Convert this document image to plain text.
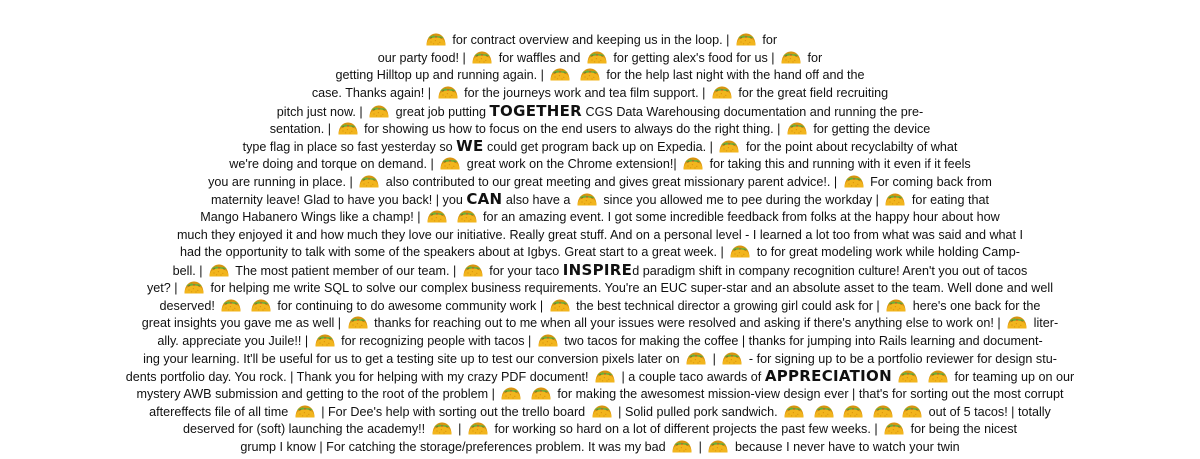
for contract overview and keeping us in the loop. |  for
our party food! |  for waffles and  for getting alex's food for us |  for
getting Hilltop up and running again. |	for the help last night with the hand off and the
case. Thanks again! |  for the journeys work and tea film support. |  for the great field recruiting
pitch just now. |  great job putting TOGETHER CGS Data Warehousing documentation and running the pre-
sentation. |  for showing us how to focus on the end users to always do the right thing. |  for getting the device
type flag in place so fast yesterday so WE could get program back up on Expedia. |  for the point about recyclabilty of what
we're doing and torque on demand. |  great work on the Chrome extension!|  for taking this and running with it even if it feels
you are running in place. |  also contributed to our great meeting and gives great missionary parent advice!. |  For coming back from
maternity leave! Glad to have you back! | you CAN also have a  since you allowed me to pee during the workday |  for eating that
Mango Habanero Wings like a champ! |	for an amazing event. I got some incredible feedback from folks at the happy hour about how
much they enjoyed it and how much they love our initiative. Really great stuff. And on a personal level - I learned a lot too from what was said and what I
had the opportunity to talk with some of the speakers about at Igbys. Great start to a great week. |  to for great modeling work while holding Camp-
bell. |  The most patient member of our team. |  for your taco INSPIREd paradigm shift in company recognition culture! Aren't you out of tacos
yet? |  for helping me write SQL to solve our complex business requirements. You're an EUC super-star and an absolute asset to the team. Well done and well
deserved!	for continuing to do awesome community work |  the best technical director a growing girl could ask for |  here's one back for the
great insights you gave me as well |  thanks for reaching out to me when all your issues were resolved and asking if there's anything else to work on! |  liter-
ally. appreciate you Juile!! |  for recognizing people with tacos |  two tacos for making the coffee | thanks for jumping into Rails learning and document-
ing your learning. It'll be useful for us to get a testing site up to test our conversion pixels later on  |  - for signing up to be a portfolio reviewer for design stu-
dents portfolio day. You rock. | Thank you for helping with my crazy PDF document!  | a couple taco awards of APPRECIATION	for teaming up on our
mystery AWB submission and getting to the root of the problem |	for making the awesomest mission-view design ever | that's for sorting out the most corrupt
aftereffects file of all time  | For Dee's help with sorting out the trello board  | Solid pulled pork sandwich.	out of 5 tacos! | totally
deserved for (soft) launching the academy!!  |  for working so hard on a lot of different projects the past few weeks. |  for being the nicest
grump I know | For catching the storage/preferences problem. It was my bad  |  because I never have to watch your twin
